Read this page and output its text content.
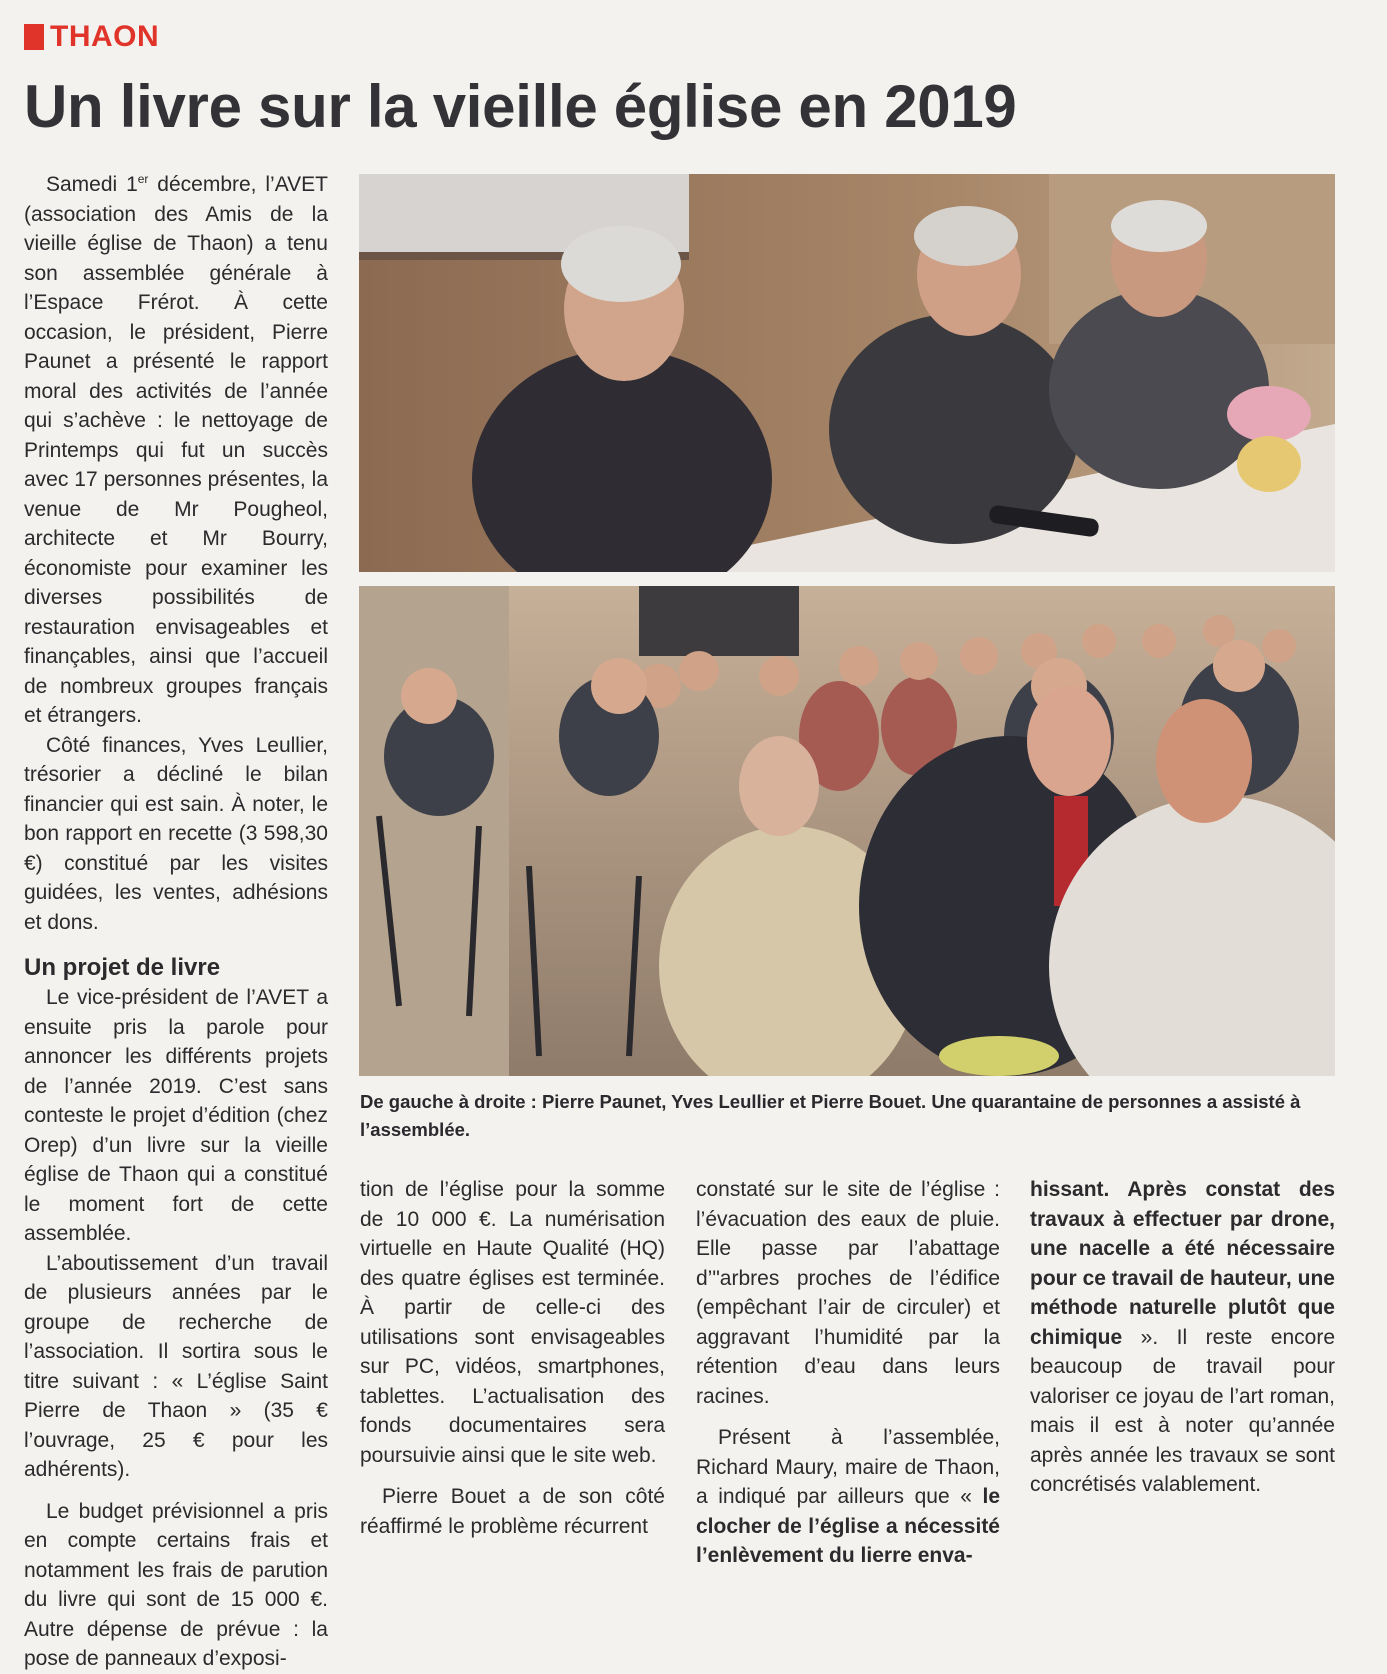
THAON
Un livre sur la vieille église en 2019

Samedi 1er décembre, l’AVET (association des Amis de la vieille église de Thaon) a tenu son assemblée générale à l’Espace Frérot. À cette occasion, le président, Pierre Paunet a présenté le rapport moral des activités de l’année qui s’achève : le nettoyage de Printemps qui fut un succès avec 17 personnes présentes, la venue de Mr Pougheol, architecte et Mr Bourry, économiste pour examiner les diverses possibilités de restauration envisageables et finançables, ainsi que l’accueil de nombreux groupes français et étrangers.

Côté finances, Yves Leullier, trésorier a décliné le bilan financier qui est sain. À noter, le bon rapport en recette (3 598,30 €) constitué par les visites guidées, les ventes, adhésions et dons.

Un projet de livre

Le vice-président de l’AVET a ensuite pris la parole pour annoncer les différents projets de l’année 2019. C’est sans conteste le projet d’édition (chez Orep) d’un livre sur la vieille église de Thaon qui a constitué le moment fort de cette assemblée.

L’aboutissement d’un travail de plusieurs années par le groupe de recherche de l’association. Il sortira sous le titre suivant : « L’église Saint Pierre de Thaon » (35 € l’ouvrage, 25 € pour les adhérents).

Le budget prévisionnel a pris en compte certains frais et notamment les frais de parution du livre qui sont de 15 000 €. Autre dépense de prévue : la pose de panneaux d’exposi-

De gauche à droite : Pierre Paunet, Yves Leullier et Pierre Bouet. Une quarantaine de personnes a assisté à l’assemblée.

tion de l’église pour la somme de 10 000 €. La numérisation virtuelle en Haute Qualité (HQ) des quatre églises est terminée. À partir de celle-ci des utilisations sont envisageables sur PC, vidéos, smartphones, tablettes. L’actualisation des fonds documentaires sera poursuivie ainsi que le site web.

Pierre Bouet a de son côté réaffirmé le problème récurrent

constaté sur le site de l’église : l’évacuation des eaux de pluie. Elle passe par l’abattage d’"arbres proches de l’édifice (empêchant l’air de circuler) et aggravant l’humidité par la rétention d’eau dans leurs racines.

Présent à l’assemblée, Richard Maury, maire de Thaon, a indiqué par ailleurs que « le clocher de l’église a nécessité l’enlèvement du lierre enva-

hissant. Après constat des travaux à effectuer par drone, une nacelle a été nécessaire pour ce travail de hauteur, une méthode naturelle plutôt que chimique ». Il reste encore beaucoup de travail pour valoriser ce joyau de l’art roman, mais il est à noter qu’année après année les travaux se sont concrétisés valablement.
